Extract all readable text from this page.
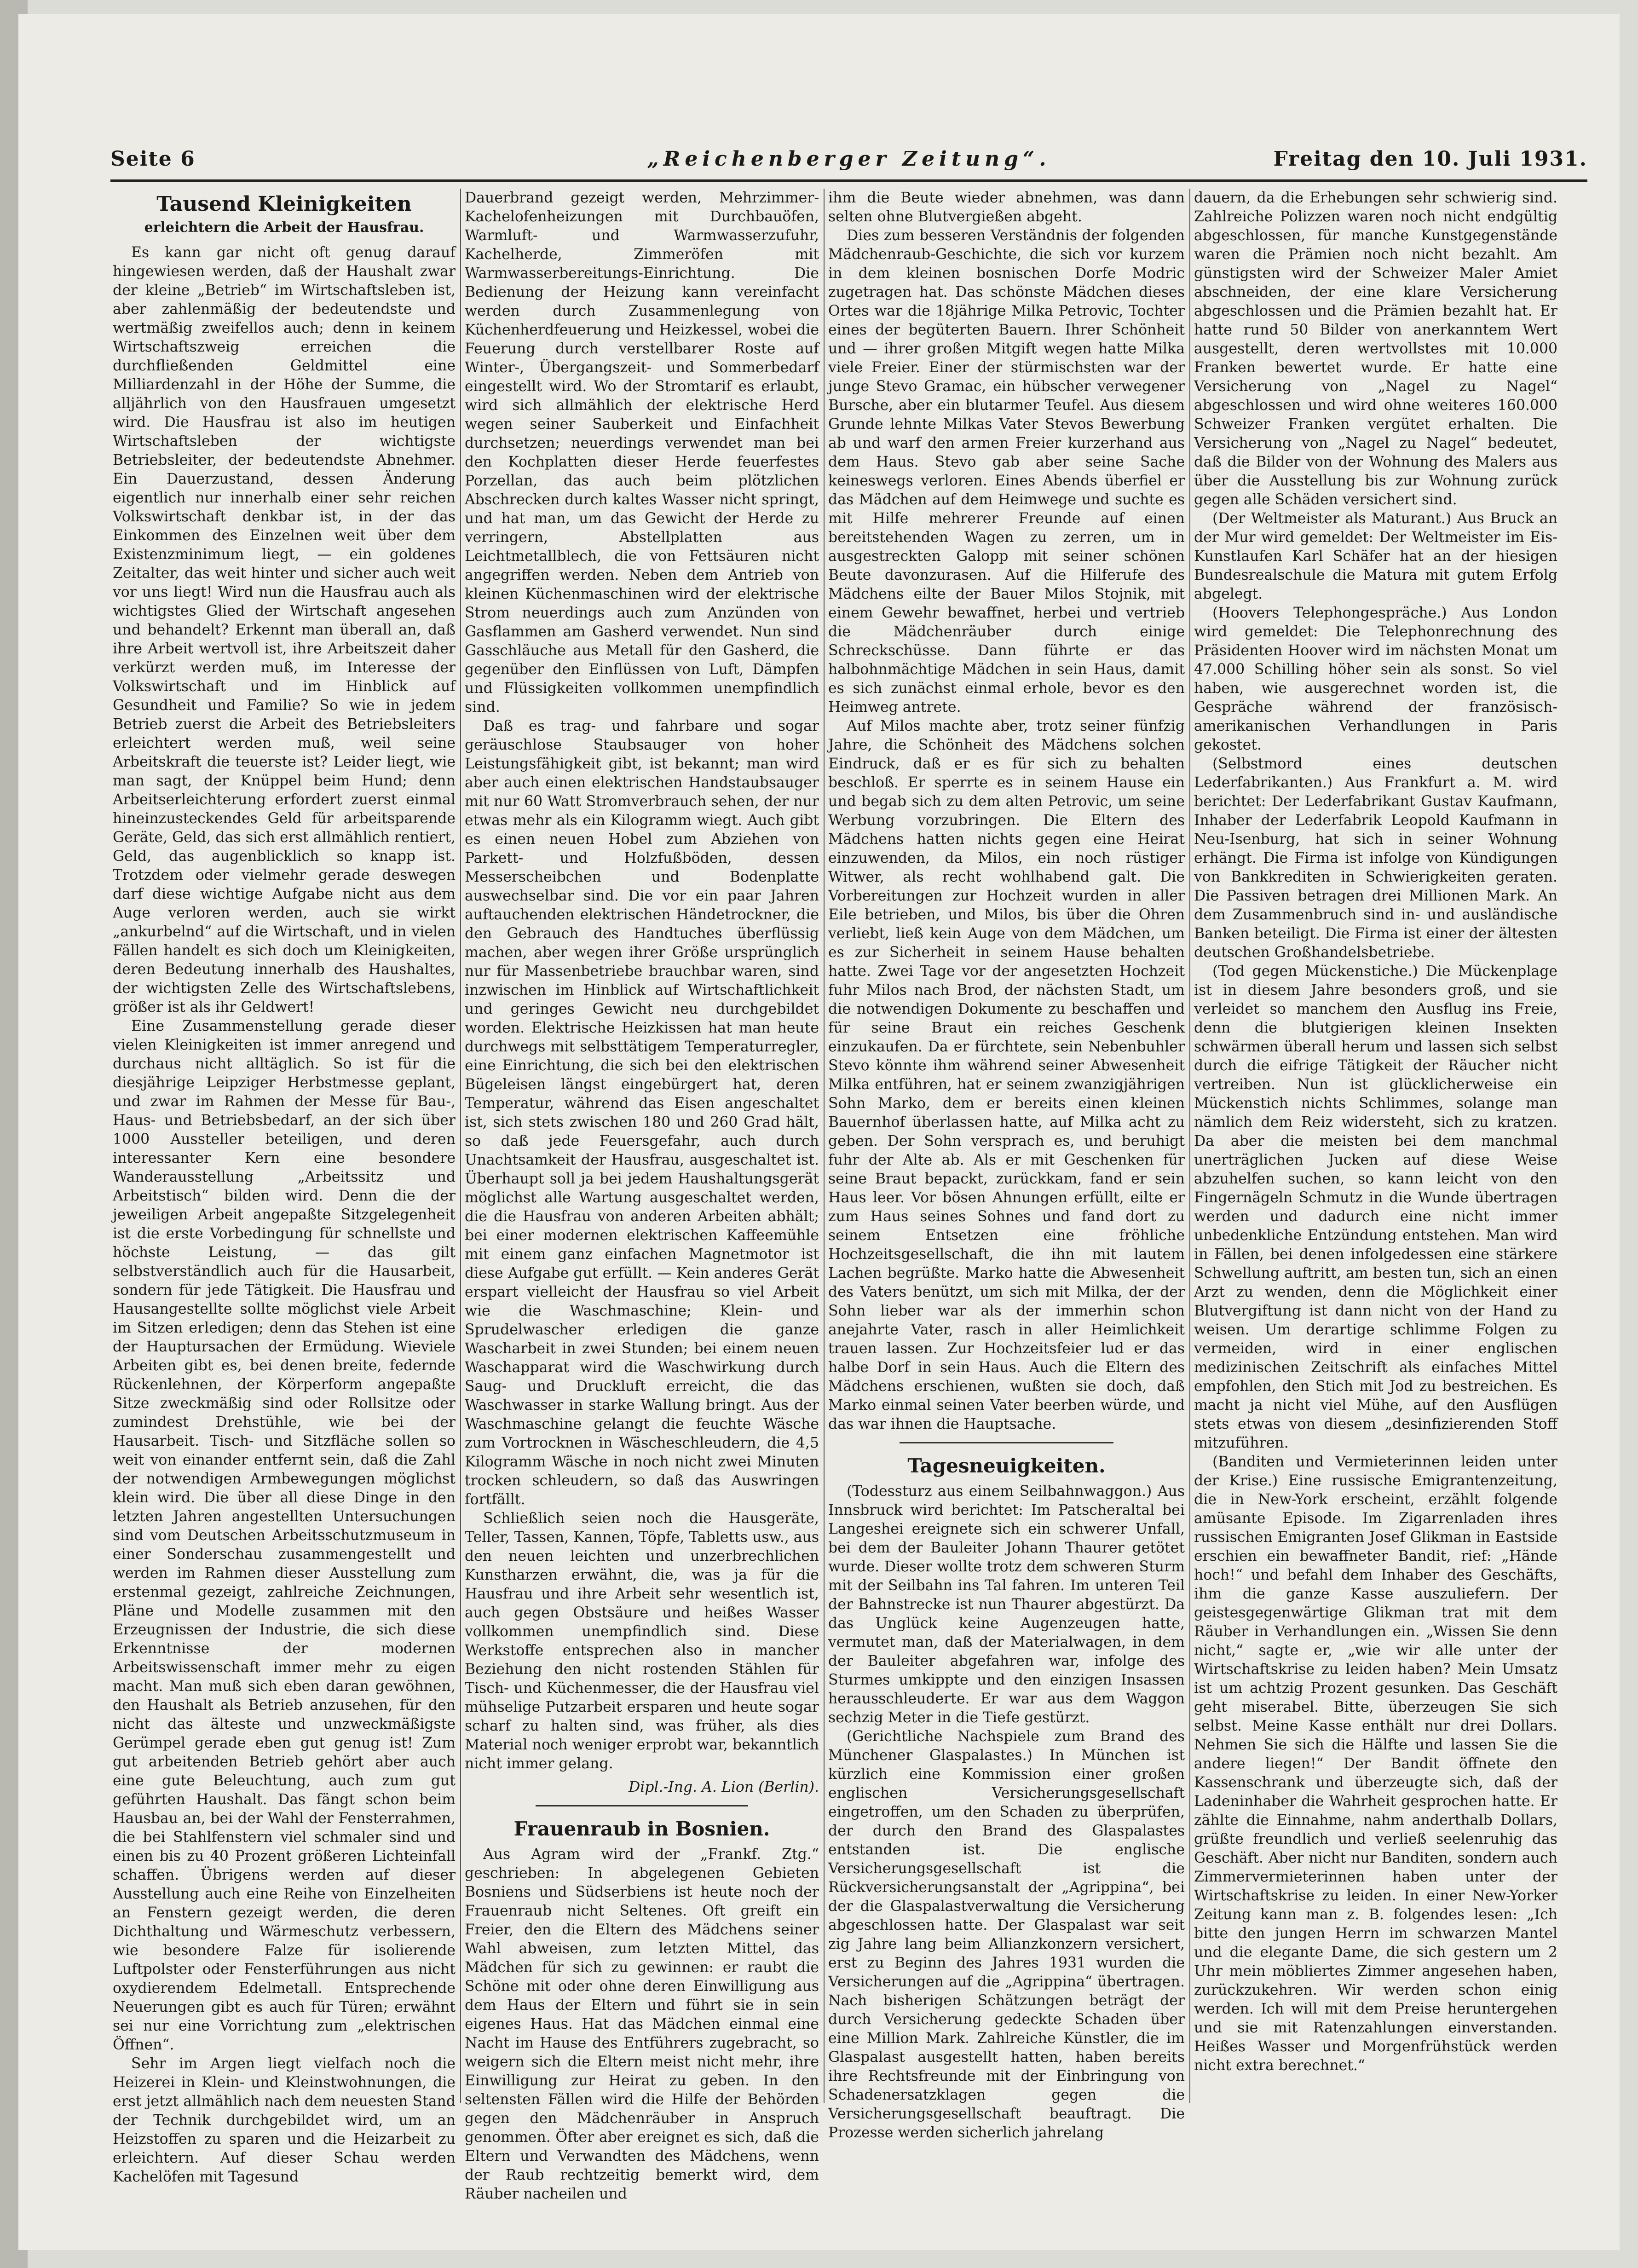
Seite 6	„Reichenberger Zeitung“.	Freitag den 10. Juli 1931.
Tausend Kleinigkeiten
erleichtern die Arbeit der Hausfrau.

Es kann gar nicht oft genug darauf hingewiesen werden, daß der Haushalt zwar der kleine „Betrieb“ im Wirtschaftsleben ist, aber zahlenmäßig der bedeutendste und wertmäßig zweifellos auch; denn in keinem Wirtschaftszweig erreichen die durchfließenden Geldmittel eine Milliardenzahl in der Höhe der Summe, die alljährlich von den Hausfrauen umgesetzt wird. Die Hausfrau ist also im heutigen Wirtschaftsleben der wichtigste Betriebsleiter, der bedeutendste Abnehmer. Ein Dauerzustand, dessen Änderung eigentlich nur innerhalb einer sehr reichen Volkswirtschaft denkbar ist, in der das Einkommen des Einzelnen weit über dem Existenzminimum liegt, — ein goldenes Zeitalter, das weit hinter und sicher auch weit vor uns liegt! Wird nun die Hausfrau auch als wichtigstes Glied der Wirtschaft angesehen und behandelt? Erkennt man überall an, daß ihre Arbeit wertvoll ist, ihre Arbeitszeit daher verkürzt werden muß, im Interesse der Volkswirtschaft und im Hinblick auf Gesundheit und Familie? So wie in jedem Betrieb zuerst die Arbeit des Betriebsleiters erleichtert werden muß, weil seine Arbeitskraft die teuerste ist? Leider liegt, wie man sagt, der Knüppel beim Hund; denn Arbeitserleichterung erfordert zuerst einmal hineinzusteckendes Geld für arbeitsparende Geräte, Geld, das sich erst allmählich rentiert, Geld, das augenblicklich so knapp ist. Trotzdem oder vielmehr gerade deswegen darf diese wichtige Aufgabe nicht aus dem Auge verloren werden, auch sie wirkt „ankurbelnd“ auf die Wirtschaft, und in vielen Fällen handelt es sich doch um Kleinigkeiten, deren Bedeutung innerhalb des Haushaltes, der wichtigsten Zelle des Wirtschaftslebens, größer ist als ihr Geldwert!

Eine Zusammenstellung gerade dieser vielen Kleinigkeiten ist immer anregend und durchaus nicht alltäglich. So ist für die diesjährige Leipziger Herbstmesse geplant, und zwar im Rahmen der Messe für Bau-, Haus- und Betriebsbedarf, an der sich über 1000 Aussteller beteiligen, und deren interessanter Kern eine besondere Wanderausstellung „Arbeitssitz und Arbeitstisch“ bilden wird. Denn die der jeweiligen Arbeit angepaßte Sitzgelegenheit ist die erste Vorbedingung für schnellste und höchste Leistung, — das gilt selbstverständlich auch für die Hausarbeit, sondern für jede Tätigkeit. Die Hausfrau und Hausangestellte sollte möglichst viele Arbeit im Sitzen erledigen; denn das Stehen ist eine der Hauptursachen der Ermüdung. Wieviele Arbeiten gibt es, bei denen breite, federnde Rückenlehnen, der Körperform angepaßte Sitze zweckmäßig sind oder Rollsitze oder zumindest Drehstühle, wie bei der Hausarbeit. Tisch- und Sitzfläche sollen so weit von einander entfernt sein, daß die Zahl der notwendigen Armbewegungen möglichst klein wird. Die über all diese Dinge in den letzten Jahren angestellten Untersuchungen sind vom Deutschen Arbeitsschutzmuseum in einer Sonderschau zusammengestellt und werden im Rahmen dieser Ausstellung zum erstenmal gezeigt, zahlreiche Zeichnungen, Pläne und Modelle zusammen mit den Erzeugnissen der Industrie, die sich diese Erkenntnisse der modernen Arbeitswissenschaft immer mehr zu eigen macht. Man muß sich eben daran gewöhnen, den Haushalt als Betrieb anzusehen, für den nicht das älteste und unzweckmäßigste Gerümpel gerade eben gut genug ist! Zum gut arbeitenden Betrieb gehört aber auch eine gute Beleuchtung, auch zum gut geführten Haushalt. Das fängt schon beim Hausbau an, bei der Wahl der Fensterrahmen, die bei Stahlfenstern viel schmaler sind und einen bis zu 40 Prozent größeren Lichteinfall schaffen. Übrigens werden auf dieser Ausstellung auch eine Reihe von Einzelheiten an Fenstern gezeigt werden, die deren Dichthaltung und Wärmeschutz verbessern, wie besondere Falze für isolierende Luftpolster oder Fensterführungen aus nicht oxydierendem Edelmetall. Entsprechende Neuerungen gibt es auch für Türen; erwähnt sei nur eine Vorrichtung zum „elektrischen Öffnen“.

Sehr im Argen liegt vielfach noch die Heizerei in Klein- und Kleinstwohnungen, die erst jetzt allmählich nach dem neuesten Stand der Technik durchgebildet wird, um an Heizstoffen zu sparen und die Heizarbeit zu erleichtern. Auf dieser Schau werden Kachelöfen mit Tagesund

Dauerbrand gezeigt werden, Mehrzimmer-Kachelofenheizungen mit Durchbauöfen, Warmluft- und Warmwasserzufuhr, Kachelherde, Zimmeröfen mit Warmwasserbereitungs-Einrichtung. Die Bedienung der Heizung kann vereinfacht werden durch Zusammenlegung von Küchenherdfeuerung und Heizkessel, wobei die Feuerung durch verstellbarer Roste auf Winter-, Übergangszeit- und Sommerbedarf eingestellt wird. Wo der Stromtarif es erlaubt, wird sich allmählich der elektrische Herd wegen seiner Sauberkeit und Einfachheit durchsetzen; neuerdings verwendet man bei den Kochplatten dieser Herde feuerfestes Porzellan, das auch beim plötzlichen Abschrecken durch kaltes Wasser nicht springt, und hat man, um das Gewicht der Herde zu verringern, Abstellplatten aus Leichtmetallblech, die von Fettsäuren nicht angegriffen werden. Neben dem Antrieb von kleinen Küchenmaschinen wird der elektrische Strom neuerdings auch zum Anzünden von Gasflammen am Gasherd verwendet. Nun sind Gasschläuche aus Metall für den Gasherd, die gegenüber den Einflüssen von Luft, Dämpfen und Flüssigkeiten vollkommen unempfindlich sind.

Daß es trag- und fahrbare und sogar geräuschlose Staubsauger von hoher Leistungsfähigkeit gibt, ist bekannt; man wird aber auch einen elektrischen Handstaubsauger mit nur 60 Watt Stromverbrauch sehen, der nur etwas mehr als ein Kilogramm wiegt. Auch gibt es einen neuen Hobel zum Abziehen von Parkett- und Holzfußböden, dessen Messerscheibchen und Bodenplatte auswechselbar sind. Die vor ein paar Jahren auftauchenden elektrischen Händetrockner, die den Gebrauch des Handtuches überflüssig machen, aber wegen ihrer Größe ursprünglich nur für Massenbetriebe brauchbar waren, sind inzwischen im Hinblick auf Wirtschaftlichkeit und geringes Gewicht neu durchgebildet worden. Elektrische Heizkissen hat man heute durchwegs mit selbsttätigem Temperaturregler, eine Einrichtung, die sich bei den elektrischen Bügeleisen längst eingebürgert hat, deren Temperatur, während das Eisen angeschaltet ist, sich stets zwischen 180 und 260 Grad hält, so daß jede Feuersgefahr, auch durch Unachtsamkeit der Hausfrau, ausgeschaltet ist. Überhaupt soll ja bei jedem Haushaltungsgerät möglichst alle Wartung ausgeschaltet werden, die die Hausfrau von anderen Arbeiten abhält; bei einer modernen elektrischen Kaffeemühle mit einem ganz einfachen Magnetmotor ist diese Aufgabe gut erfüllt. — Kein anderes Gerät erspart vielleicht der Hausfrau so viel Arbeit wie die Waschmaschine; Klein- und Sprudelwascher erledigen die ganze Wascharbeit in zwei Stunden; bei einem neuen Waschapparat wird die Waschwirkung durch Saug- und Druckluft erreicht, die das Waschwasser in starke Wallung bringt. Aus der Waschmaschine gelangt die feuchte Wäsche zum Vortrocknen in Wäscheschleudern, die 4,5 Kilogramm Wäsche in noch nicht zwei Minuten trocken schleudern, so daß das Auswringen fortfällt.

Schließlich seien noch die Hausgeräte, Teller, Tassen, Kannen, Töpfe, Tabletts usw., aus den neuen leichten und unzerbrechlichen Kunstharzen erwähnt, die, was ja für die Hausfrau und ihre Arbeit sehr wesentlich ist, auch gegen Obstsäure und heißes Wasser vollkommen unempfindlich sind. Diese Werkstoffe entsprechen also in mancher Beziehung den nicht rostenden Stählen für Tisch- und Küchenmesser, die der Hausfrau viel mühselige Putzarbeit ersparen und heute sogar scharf zu halten sind, was früher, als dies Material noch weniger erprobt war, bekanntlich nicht immer gelang.

Dipl.-Ing. A. Lion (Berlin).
Frauenraub in Bosnien.

Aus Agram wird der „Frankf. Ztg.“ geschrieben: In abgelegenen Gebieten Bosniens und Südserbiens ist heute noch der Frauenraub nicht Seltenes. Oft greift ein Freier, den die Eltern des Mädchens seiner Wahl abweisen, zum letzten Mittel, das Mädchen für sich zu gewinnen: er raubt die Schöne mit oder ohne deren Einwilligung aus dem Haus der Eltern und führt sie in sein eigenes Haus. Hat das Mädchen einmal eine Nacht im Hause des Entführers zugebracht, so weigern sich die Eltern meist nicht mehr, ihre Einwilligung zur Heirat zu geben. In den seltensten Fällen wird die Hilfe der Behörden gegen den Mädchenräuber in Anspruch genommen. Öfter aber ereignet es sich, daß die Eltern und Verwandten des Mädchens, wenn der Raub rechtzeitig bemerkt wird, dem Räuber nacheilen und

ihm die Beute wieder abnehmen, was dann selten ohne Blutvergießen abgeht.

Dies zum besseren Verständnis der folgenden Mädchenraub-Geschichte, die sich vor kurzem in dem kleinen bosnischen Dorfe Modric zugetragen hat. Das schönste Mädchen dieses Ortes war die 18jährige Milka Petrovic, Tochter eines der begüterten Bauern. Ihrer Schönheit und — ihrer großen Mitgift wegen hatte Milka viele Freier. Einer der stürmischsten war der junge Stevo Gramac, ein hübscher verwegener Bursche, aber ein blutarmer Teufel. Aus diesem Grunde lehnte Milkas Vater Stevos Bewerbung ab und warf den armen Freier kurzerhand aus dem Haus. Stevo gab aber seine Sache keineswegs verloren. Eines Abends überfiel er das Mädchen auf dem Heimwege und suchte es mit Hilfe mehrerer Freunde auf einen bereitstehenden Wagen zu zerren, um in ausgestreckten Galopp mit seiner schönen Beute davonzurasen. Auf die Hilferufe des Mädchens eilte der Bauer Milos Stojnik, mit einem Gewehr bewaffnet, herbei und vertrieb die Mädchenräuber durch einige Schreckschüsse. Dann führte er das halbohnmächtige Mädchen in sein Haus, damit es sich zunächst einmal erhole, bevor es den Heimweg antrete.

Auf Milos machte aber, trotz seiner fünfzig Jahre, die Schönheit des Mädchens solchen Eindruck, daß er es für sich zu behalten beschloß. Er sperrte es in seinem Hause ein und begab sich zu dem alten Petrovic, um seine Werbung vorzubringen. Die Eltern des Mädchens hatten nichts gegen eine Heirat einzuwenden, da Milos, ein noch rüstiger Witwer, als recht wohlhabend galt. Die Vorbereitungen zur Hochzeit wurden in aller Eile betrieben, und Milos, bis über die Ohren verliebt, ließ kein Auge von dem Mädchen, um es zur Sicherheit in seinem Hause behalten hatte. Zwei Tage vor der angesetzten Hochzeit fuhr Milos nach Brod, der nächsten Stadt, um die notwendigen Dokumente zu beschaffen und für seine Braut ein reiches Geschenk einzukaufen. Da er fürchtete, sein Nebenbuhler Stevo könnte ihm während seiner Abwesenheit Milka entführen, hat er seinem zwanzigjährigen Sohn Marko, dem er bereits einen kleinen Bauernhof überlassen hatte, auf Milka acht zu geben. Der Sohn versprach es, und beruhigt fuhr der Alte ab. Als er mit Geschenken für seine Braut bepackt, zurückkam, fand er sein Haus leer. Vor bösen Ahnungen erfüllt, eilte er zum Haus seines Sohnes und fand dort zu seinem Entsetzen eine fröhliche Hochzeitsgesellschaft, die ihn mit lautem Lachen begrüßte. Marko hatte die Abwesenheit des Vaters benützt, um sich mit Milka, der der Sohn lieber war als der immerhin schon anejahrte Vater, rasch in aller Heimlichkeit trauen lassen. Zur Hochzeitsfeier lud er das halbe Dorf in sein Haus. Auch die Eltern des Mädchens erschienen, wußten sie doch, daß Marko einmal seinen Vater beerben würde, und das war ihnen die Hauptsache.

Tagesneuigkeiten.

(Todessturz aus einem Seilbahnwaggon.) Aus Innsbruck wird berichtet: Im Patscheraltal bei Langeshei ereignete sich ein schwerer Unfall, bei dem der Bauleiter Johann Thaurer getötet wurde. Dieser wollte trotz dem schweren Sturm mit der Seilbahn ins Tal fahren. Im unteren Teil der Bahnstrecke ist nun Thaurer abgestürzt. Da das Unglück keine Augenzeugen hatte, vermutet man, daß der Materialwagen, in dem der Bauleiter abgefahren war, infolge des Sturmes umkippte und den einzigen Insassen herausschleuderte. Er war aus dem Waggon sechzig Meter in die Tiefe gestürzt.

(Gerichtliche Nachspiele zum Brand des Münchener Glaspalastes.) In München ist kürzlich eine Kommission einer großen englischen Versicherungsgesellschaft eingetroffen, um den Schaden zu überprüfen, der durch den Brand des Glaspalastes entstanden ist. Die englische Versicherungsgesellschaft ist die Rückversicherungsanstalt der „Agrippina“, bei der die Glaspalastverwaltung die Versicherung abgeschlossen hatte. Der Glaspalast war seit zig Jahre lang beim Allianzkonzern versichert, erst zu Beginn des Jahres 1931 wurden die Versicherungen auf die „Agrippina“ übertragen. Nach bisherigen Schätzungen beträgt der durch Versicherung gedeckte Schaden über eine Million Mark. Zahlreiche Künstler, die im Glaspalast ausgestellt hatten, haben bereits ihre Rechtsfreunde mit der Einbringung von Schadenersatzklagen gegen die Versicherungsgesellschaft beauftragt. Die Prozesse werden sicherlich jahrelang

dauern, da die Erhebungen sehr schwierig sind. Zahlreiche Polizzen waren noch nicht endgültig abgeschlossen, für manche Kunstgegenstände waren die Prämien noch nicht bezahlt. Am günstigsten wird der Schweizer Maler Amiet abschneiden, der eine klare Versicherung abgeschlossen und die Prämien bezahlt hat. Er hatte rund 50 Bilder von anerkanntem Wert ausgestellt, deren wertvollstes mit 10.000 Franken bewertet wurde. Er hatte eine Versicherung von „Nagel zu Nagel“ abgeschlossen und wird ohne weiteres 160.000 Schweizer Franken vergütet erhalten. Die Versicherung von „Nagel zu Nagel“ bedeutet, daß die Bilder von der Wohnung des Malers aus über die Ausstellung bis zur Wohnung zurück gegen alle Schäden versichert sind.

(Der Weltmeister als Maturant.) Aus Bruck an der Mur wird gemeldet: Der Weltmeister im Eis-Kunstlaufen Karl Schäfer hat an der hiesigen Bundesrealschule die Matura mit gutem Erfolg abgelegt.

(Hoovers Telephongespräche.) Aus London wird gemeldet: Die Telephonrechnung des Präsidenten Hoover wird im nächsten Monat um 47.000 Schilling höher sein als sonst. So viel haben, wie ausgerechnet worden ist, die Gespräche während der französisch-amerikanischen Verhandlungen in Paris gekostet.

(Selbstmord eines deutschen Lederfabrikanten.) Aus Frankfurt a. M. wird berichtet: Der Lederfabrikant Gustav Kaufmann, Inhaber der Lederfabrik Leopold Kaufmann in Neu-Isenburg, hat sich in seiner Wohnung erhängt. Die Firma ist infolge von Kündigungen von Bankkrediten in Schwierigkeiten geraten. Die Passiven betragen drei Millionen Mark. An dem Zusammenbruch sind in- und ausländische Banken beteiligt. Die Firma ist einer der ältesten deutschen Großhandelsbetriebe.

(Tod gegen Mückenstiche.) Die Mückenplage ist in diesem Jahre besonders groß, und sie verleidet so manchem den Ausflug ins Freie, denn die blutgierigen kleinen Insekten schwärmen überall herum und lassen sich selbst durch die eifrige Tätigkeit der Räucher nicht vertreiben. Nun ist glücklicherweise ein Mückenstich nichts Schlimmes, solange man nämlich dem Reiz widersteht, sich zu kratzen. Da aber die meisten bei dem manchmal unerträglichen Jucken auf diese Weise abzuhelfen suchen, so kann leicht von den Fingernägeln Schmutz in die Wunde übertragen werden und dadurch eine nicht immer unbedenkliche Entzündung entstehen. Man wird in Fällen, bei denen infolgedessen eine stärkere Schwellung auftritt, am besten tun, sich an einen Arzt zu wenden, denn die Möglichkeit einer Blutvergiftung ist dann nicht von der Hand zu weisen. Um derartige schlimme Folgen zu vermeiden, wird in einer englischen medizinischen Zeitschrift als einfaches Mittel empfohlen, den Stich mit Jod zu bestreichen. Es macht ja nicht viel Mühe, auf den Ausflügen stets etwas von diesem „desinfizierenden Stoff mitzuführen.

(Banditen und Vermieterinnen leiden unter der Krise.) Eine russische Emigrantenzeitung, die in New-York erscheint, erzählt folgende amüsante Episode. Im Zigarrenladen ihres russischen Emigranten Josef Glikman in Eastside erschien ein bewaffneter Bandit, rief: „Hände hoch!“ und befahl dem Inhaber des Geschäfts, ihm die ganze Kasse auszuliefern. Der geistesgegenwärtige Glikman trat mit dem Räuber in Verhandlungen ein. „Wissen Sie denn nicht,“ sagte er, „wie wir alle unter der Wirtschaftskrise zu leiden haben? Mein Umsatz ist um achtzig Prozent gesunken. Das Geschäft geht miserabel. Bitte, überzeugen Sie sich selbst. Meine Kasse enthält nur drei Dollars. Nehmen Sie sich die Hälfte und lassen Sie die andere liegen!“ Der Bandit öffnete den Kassenschrank und überzeugte sich, daß der Ladeninhaber die Wahrheit gesprochen hatte. Er zählte die Einnahme, nahm anderthalb Dollars, grüßte freundlich und verließ seelenruhig das Geschäft. Aber nicht nur Banditen, sondern auch Zimmervermieterinnen haben unter der Wirtschaftskrise zu leiden. In einer New-Yorker Zeitung kann man z. B. folgendes lesen: „Ich bitte den jungen Herrn im schwarzen Mantel und die elegante Dame, die sich gestern um 2 Uhr mein möbliertes Zimmer angesehen haben, zurückzukehren. Wir werden schon einig werden. Ich will mit dem Preise heruntergehen und sie mit Ratenzahlungen einverstanden. Heißes Wasser und Morgenfrühstück werden nicht extra berechnet.“
